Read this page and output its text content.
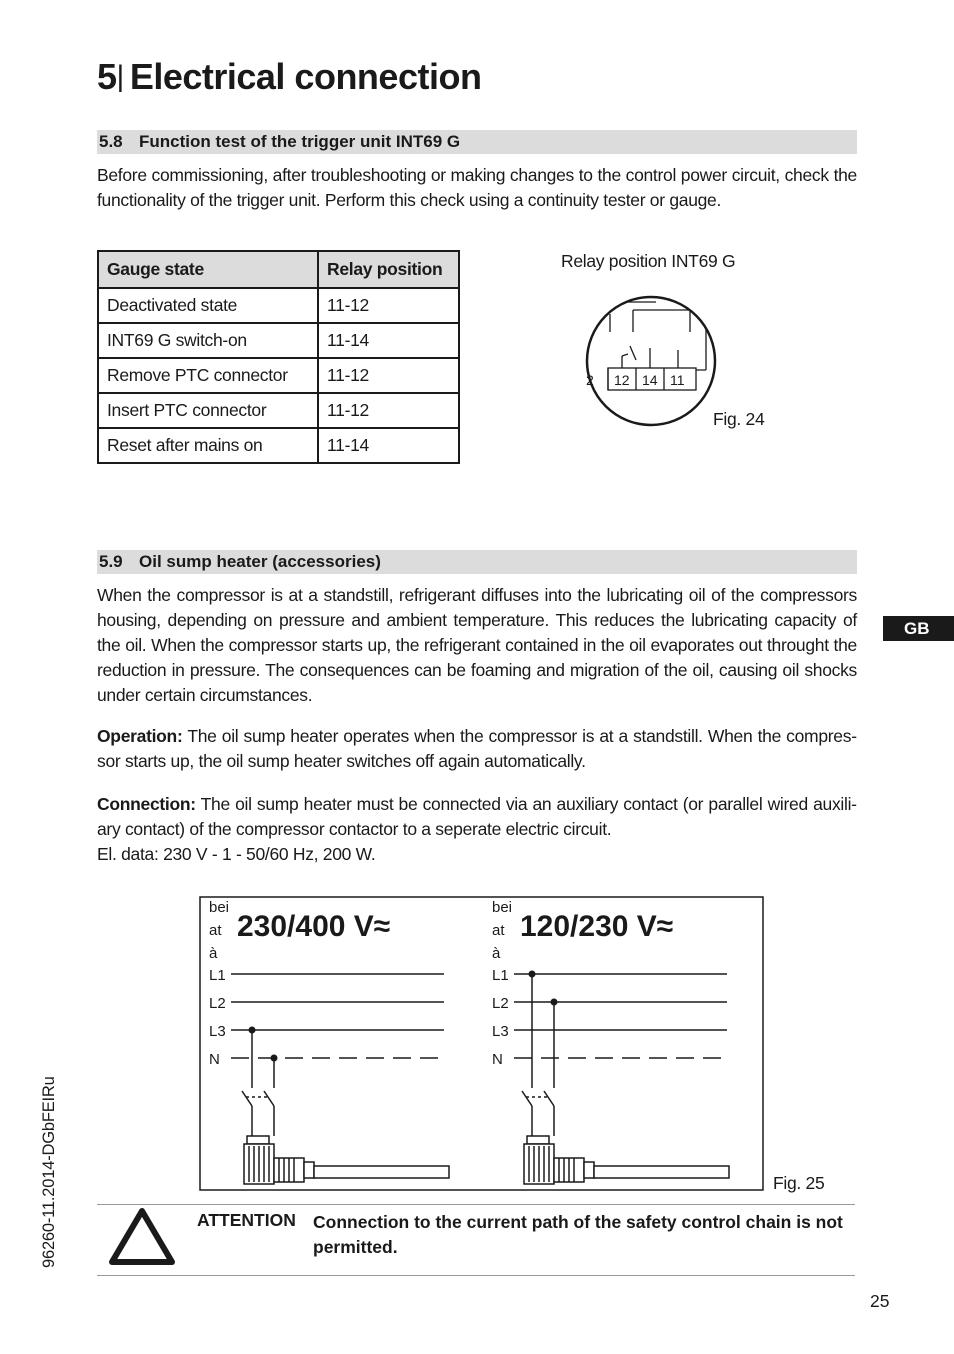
5| Electrical connection
5.8 Function test of the trigger unit INT69 G
Before commissioning, after troubleshooting or making changes to the control power circuit, check the functionality of the trigger unit. Perform this check using a continuity tester or gauge.
Gauge state	Relay position
Deactivated state	11-12
INT69 G switch-on	11-14
Remove PTC connector	11-12
Insert PTC connector	11-12
Reset after mains on	11-14
Relay position INT69 G
2 12 14 11
Fig. 24
5.9 Oil sump heater (accessories)
When the compressor is at a standstill, refrigerant diffuses into the lubricating oil of the compressors housing, depending on pressure and ambient temperature. This reduces the lubricating capacity of the oil. When the compressor starts up, the refrigerant contained in the oil evaporates out throught the reduction in pressure. The consequences can be foaming and migration of the oil, causing oil shocks under certain circumstances.
Operation: The oil sump heater operates when the compressor is at a standstill. When the compressor starts up, the oil sump heater switches off again automatically.
Connection: The oil sump heater must be connected via an auxiliary contact (or parallel wired auxiliary contact) of the compressor contactor to a seperate electric circuit.
El. data: 230 V - 1 - 50/60 Hz, 200 W.
GB
bei
at
à
230/400 V≈
L1
L2
L3
N
bei
at
à
120/230 V≈
L1
L2
L3
N
Fig. 25
ATTENTION Connection to the current path of the safety control chain is not permitted.
96260-11.2014-DGbFEIRu
25
